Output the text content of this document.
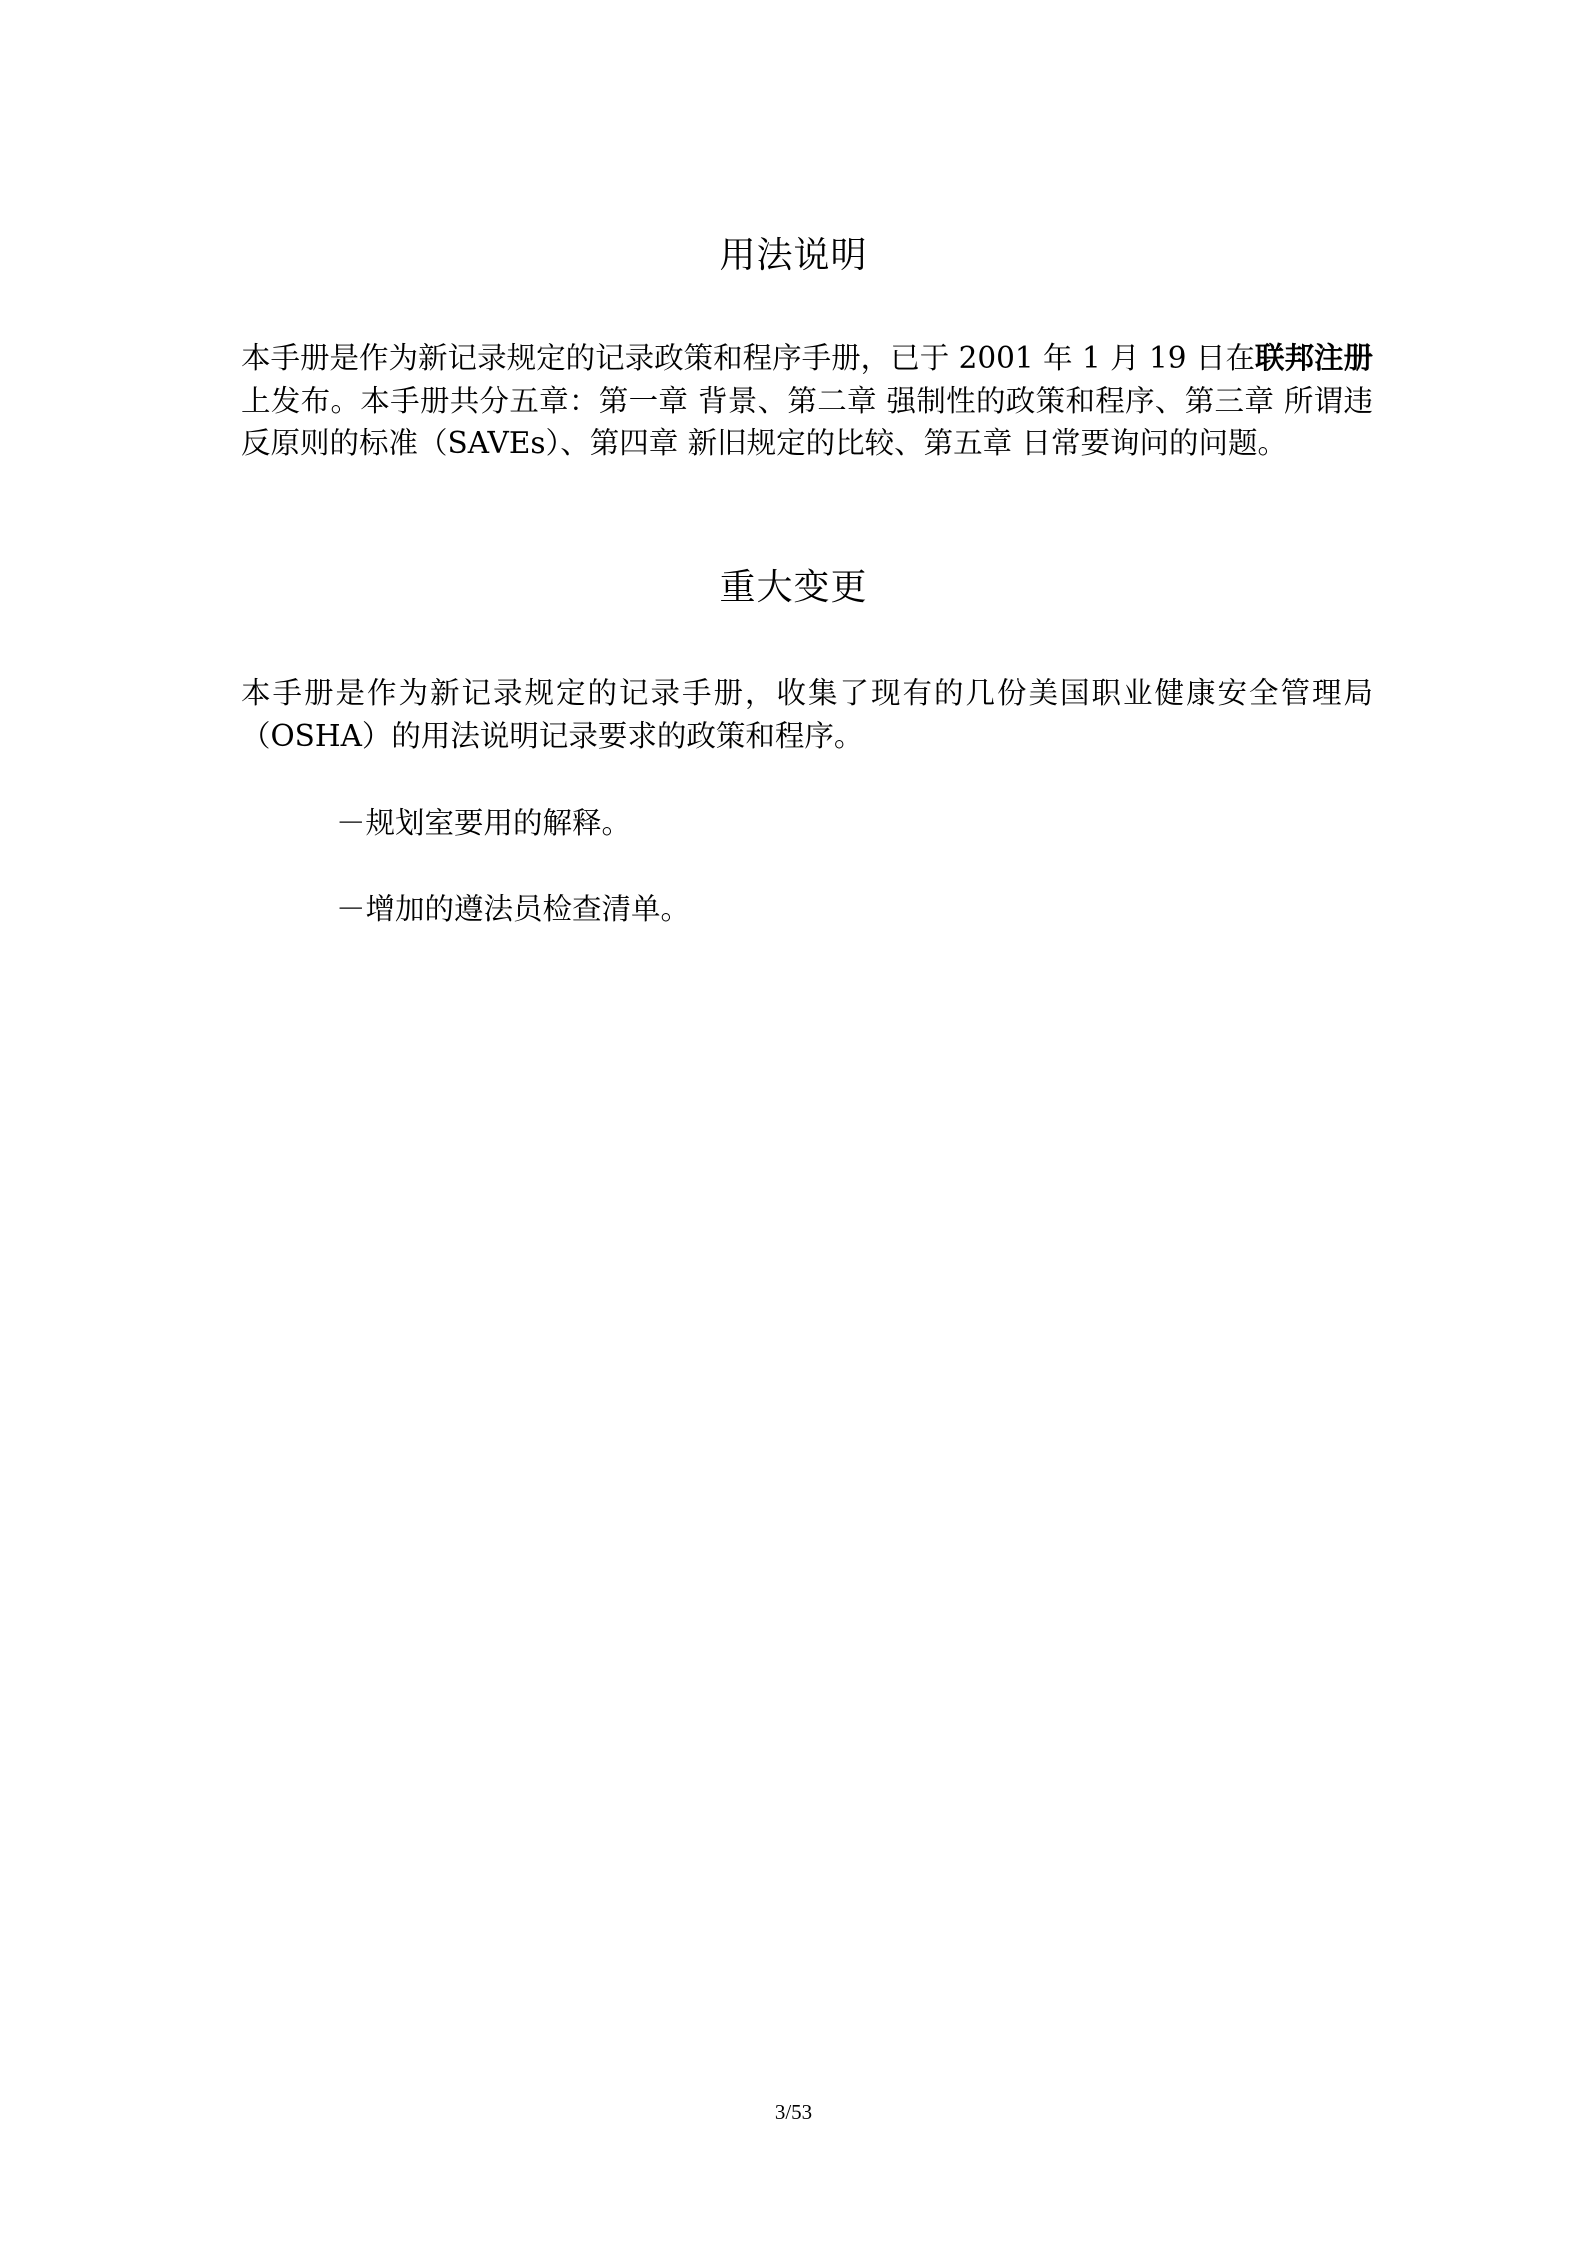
用法说明

本手册是作为新记录规定的记录政策和程序手册，已于 2001 年 1 月 19 日在联邦注册上发布。本手册共分五章：第一章 背景、第二章 强制性的政策和程序、第三章 所谓违反原则的标准（SAVEs）、第四章 新旧规定的比较、第五章 日常要询问的问题。

重大变更

本手册是作为新记录规定的记录手册，收集了现有的几份美国职业健康安全管理局（OSHA）的用法说明记录要求的政策和程序。

－规划室要用的解释。

－增加的遵法员检查清单。

3/53
